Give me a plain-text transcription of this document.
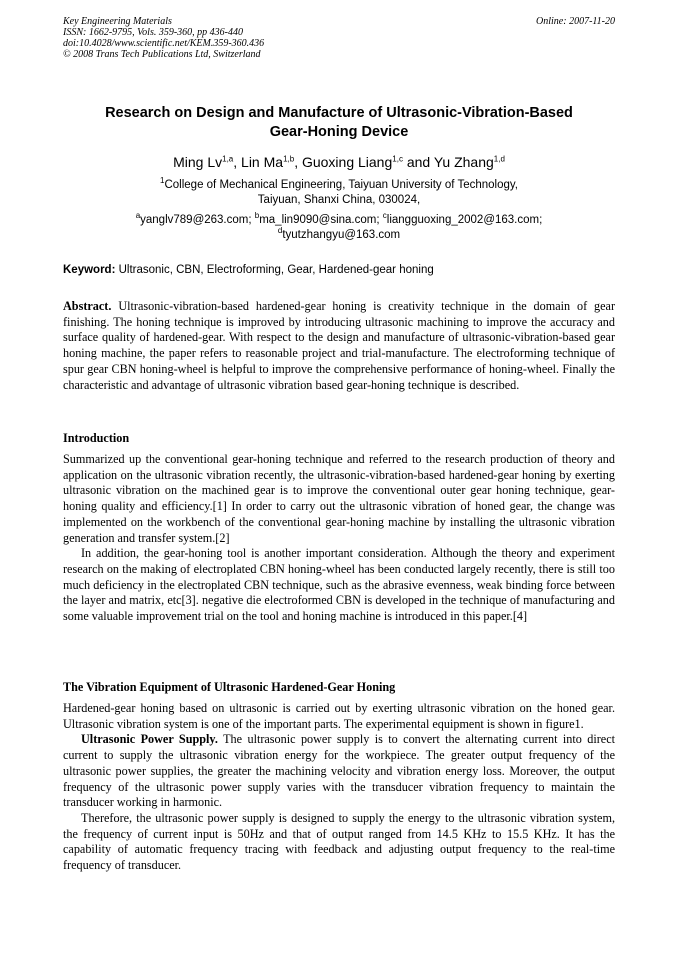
Key Engineering Materials
ISSN: 1662-9795, Vols. 359-360, pp 436-440
doi:10.4028/www.scientific.net/KEM.359-360.436
© 2008 Trans Tech Publications Ltd, Switzerland
Online: 2007-11-20
Research on Design and Manufacture of Ultrasonic-Vibration-Based
Gear-Honing Device
Ming Lv$^{1,a}$, Lin Ma$^{1,b}$, Guoxing Liang$^{1,c}$ and Yu Zhang$^{1,d}$
$^1$College of Mechanical Engineering, Taiyuan University of Technology,
Taiyuan, Shanxi China, 030024,
$^a$yanglv789@263.com; $^b$ma_lin9090@sina.com; $^c$liangguoxing_2002@163.com;
$^d$tyutzhangyu@163.com
Keyword: Ultrasonic, CBN, Electroforming, Gear, Hardened-gear honing

Abstract. Ultrasonic-vibration-based hardened-gear honing is creativity technique in the domain of gear finishing. The honing technique is improved by introducing ultrasonic machining to improve the accuracy and surface quality of hardened-gear. With respect to the design and manufacture of ultrasonic-vibration-based gear honing machine, the paper refers to reasonable project and trial-manufacture. The electroforming technique of spur gear CBN honing-wheel is helpful to improve the comprehensive performance of honing-wheel. Finally the characteristic and advantage of ultrasonic vibration based gear-honing technique is described.

Introduction

Summarized up the conventional gear-honing technique and referred to the research production of theory and application on the ultrasonic vibration recently, the ultrasonic-vibration-based hardened-gear honing by exerting ultrasonic vibration on the machined gear is to improve the conventional outer gear honing technique, gear-honing quality and efficiency.[1] In order to carry out the ultrasonic vibration of honed gear, the change was implemented on the workbench of the conventional gear-honing machine by installing the ultrasonic vibration generation and transfer system.[2]

In addition, the gear-honing tool is another important consideration. Although the theory and experiment research on the making of electroplated CBN honing-wheel has been conducted largely recently, there is still too much deficiency in the electroplated CBN technique, such as the abrasive evenness, weak binding force between the layer and matrix, etc[3]. negative die electroformed CBN is developed in the technique of manufacturing and some valuable improvement trial on the tool and honing machine is introduced in this paper.[4]

The Vibration Equipment of Ultrasonic Hardened-Gear Honing

Hardened-gear honing based on ultrasonic is carried out by exerting ultrasonic vibration on the honed gear. Ultrasonic vibration system is one of the important parts. The experimental equipment is shown in figure1.

Ultrasonic Power Supply. The ultrasonic power supply is to convert the alternating current into direct current to supply the ultrasonic vibration energy for the workpiece. The greater output frequency of the ultrasonic power supplies, the greater the machining velocity and vibration energy loss. Moreover, the output frequency of the ultrasonic power supply varies with the transducer vibration frequency to maintain the transducer working in harmonic.

Therefore, the ultrasonic power supply is designed to supply the energy to the ultrasonic vibration system, the frequency of current input is 50Hz and that of output ranged from 14.5 KHz to 15.5 KHz. It has the capability of automatic frequency tracing with feedback and adjusting output frequency to the real-time frequency of transducer.
